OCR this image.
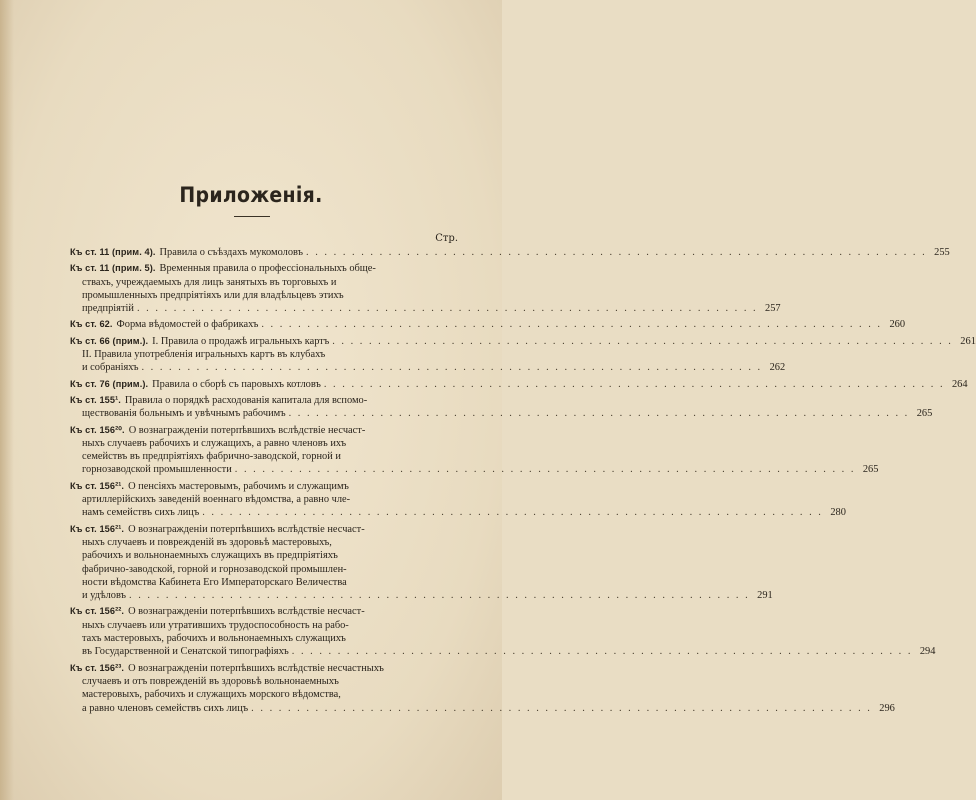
Приложенія.
Стр.
Къ ст. 11 (прим. 4). Правила о съѣздахъ мукомоловъ . . .	255
Къ ст. 11 (прим. 5). Временныя правила о профессіональныхъ обще-
ствахъ, учреждаемыхъ для лицъ занятыхъ въ торговыхъ и
промышленныхъ предпріятіяхъ или для владѣльцевъ этихъ
предпріятій . . .	257
Къ ст. 62. Форма вѣдомостей о фабрикахъ . . .	260
Къ ст. 66 (прим.). I. Правила о продажѣ игральныхъ картъ . . .	261
II. Правила употребленія игральныхъ картъ въ клубахъ
и собраніяхъ . . .	262
Къ ст. 76 (прим.). Правила о сборѣ съ паровыхъ котловъ . . .	264
Къ ст. 155¹. Правила о порядкѣ расходованія капитала для вспомо-
ществованія больнымъ и увѣчнымъ рабочимъ . . .	265
Къ ст. 156²⁰. О вознагражденіи потерпѣвшихъ вслѣдствіе несчаст-
ныхъ случаевъ рабочихъ и служащихъ, а равно членовъ ихъ
семействъ въ предпріятіяхъ фабрично-заводской, горной и
горнозаводской промышленности . . .	265
Къ ст. 156²¹. О пенсіяхъ мастеровымъ, рабочимъ и служащимъ
артиллерійскихъ заведеній военнаго вѣдомства, а равно чле-
намъ семействъ сихъ лицъ . . .	280
Къ ст. 156²¹. О вознагражденіи потерпѣвшихъ вслѣдствіе несчаст-
ныхъ случаевъ и поврежденій въ здоровьѣ мастеровыхъ,
рабочихъ и вольнонаемныхъ служащихъ въ предпріятіяхъ
фабрично-заводской, горной и горнозаводской промышлен-
ности вѣдомства Кабинета Его Императорскаго Величества
и удѣловъ . . .	291
Къ ст. 156²². О вознагражденіи потерпѣвшихъ вслѣдствіе несчаст-
ныхъ случаевъ или утратившихъ трудоспособность на рабо-
тахъ мастеровыхъ, рабочихъ и вольнонаемныхъ служащихъ
въ Государственной и Сенатской типографіяхъ . . .	294
Къ ст. 156²³. О вознагражденіи потерпѣвшихъ вслѣдствіе несчастныхъ
случаевъ и отъ поврежденій въ здоровьѣ вольнонаемныхъ
мастеровыхъ, рабочихъ и служащихъ морского вѣдомства,
а равно членовъ семействъ сихъ лицъ . . .	296
